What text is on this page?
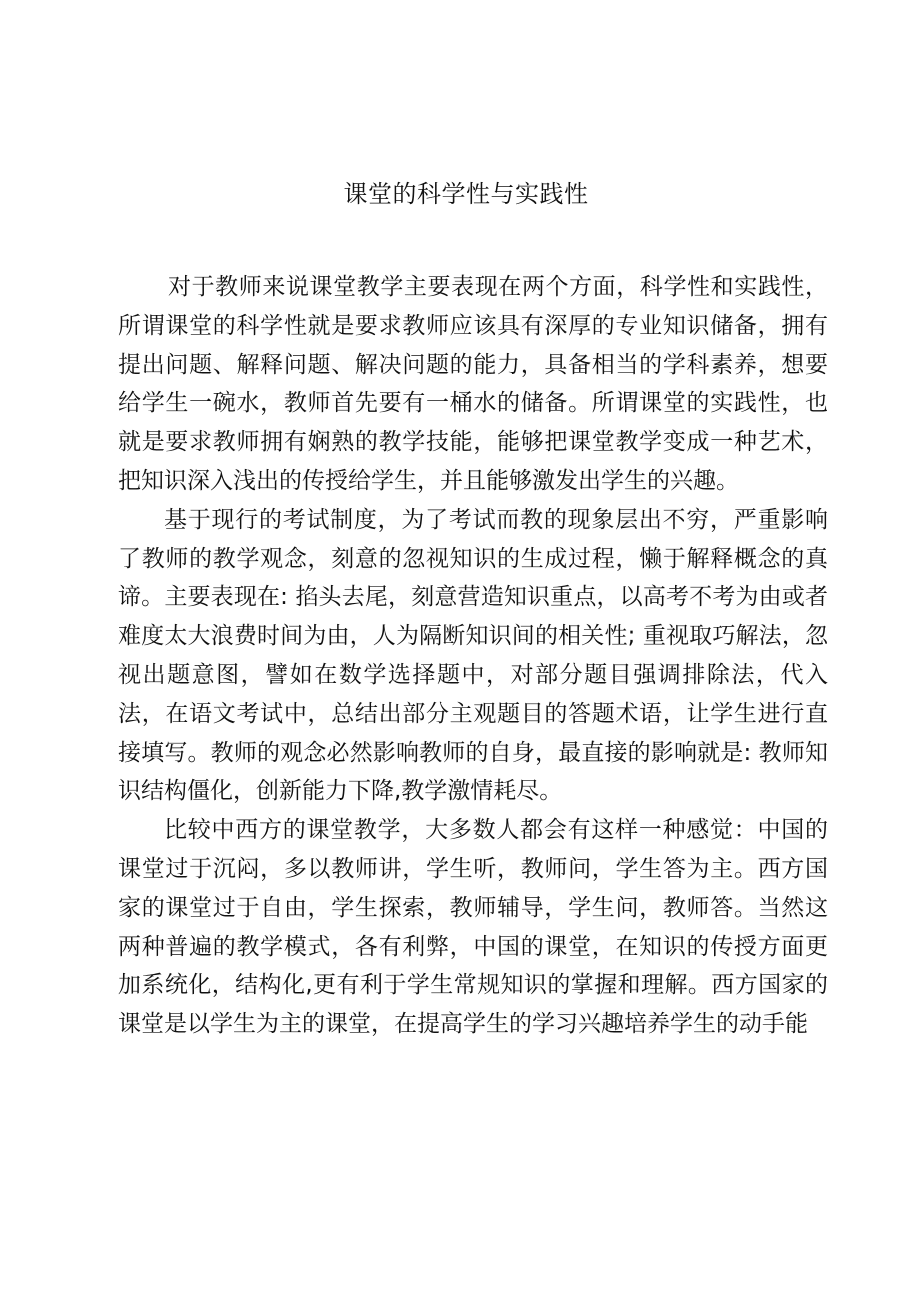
课堂的科学性与实践性

对于教师来说课堂教学主要表现在两个方面，科学性和实践性，所谓课堂的科学性就是要求教师应该具有深厚的专业知识储备，拥有提出问题、解释问题、解决问题的能力，具备相当的学科素养，想要给学生一碗水，教师首先要有一桶水的储备。所谓课堂的实践性，也就是要求教师拥有娴熟的教学技能，能够把课堂教学变成一种艺术，把知识深入浅出的传授给学生，并且能够激发出学生的兴趣。

基于现行的考试制度，为了考试而教的现象层出不穷，严重影响了教师的教学观念，刻意的忽视知识的生成过程，懒于解释概念的真谛。主要表现在: 掐头去尾，刻意营造知识重点，以高考不考为由或者难度太大浪费时间为由，人为隔断知识间的相关性; 重视取巧解法，忽视出题意图，譬如在数学选择题中，对部分题目强调排除法，代入法，在语文考试中，总结出部分主观题目的答题术语，让学生进行直接填写。教师的观念必然影响教师的自身，最直接的影响就是: 教师知识结构僵化，创新能力下降,教学激情耗尽。

比较中西方的课堂教学，大多数人都会有这样一种感觉：中国的课堂过于沉闷，多以教师讲，学生听，教师问，学生答为主。西方国家的课堂过于自由，学生探索，教师辅导，学生问，教师答。当然这两种普遍的教学模式，各有利弊，中国的课堂，在知识的传授方面更加系统化，结构化,更有利于学生常规知识的掌握和理解。西方国家的课堂是以学生为主的课堂，在提高学生的学习兴趣培养学生的动手能
